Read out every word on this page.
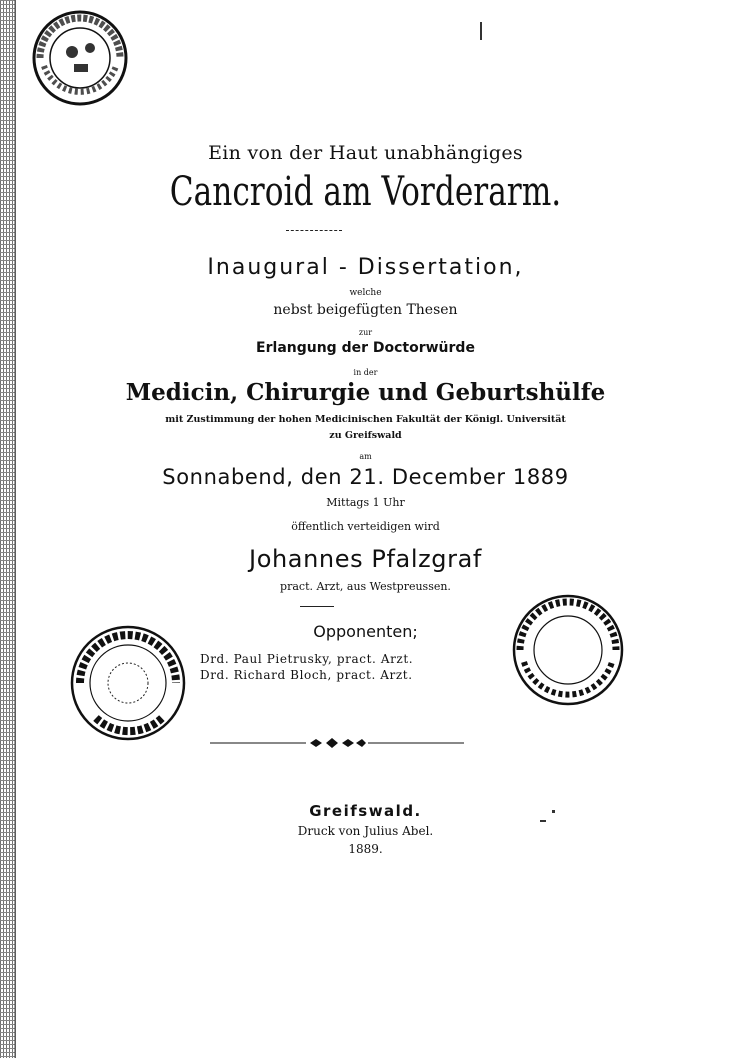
Ein von der Haut unabhängiges
Cancroid am Vorderarm.
Inaugural - Dissertation,
welche
nebst beigefügten Thesen
zur
Erlangung der Doctorwürde
in der
Medicin, Chirurgie und Geburtshülfe
mit Zustimmung der hohen Medicinischen Fakultät der Königl. Universität
zu Greifswald
am
Sonnabend, den 21. December 1889
Mittags 1 Uhr
öffentlich verteidigen wird
Johannes Pfalzgraf
pract. Arzt, aus Westpreussen.
Opponenten;
Drd. Paul Pietrusky, pract. Arzt.
Drd. Richard Bloch, pract. Arzt.
Greifswald.
Druck von Julius Abel.
1889.
